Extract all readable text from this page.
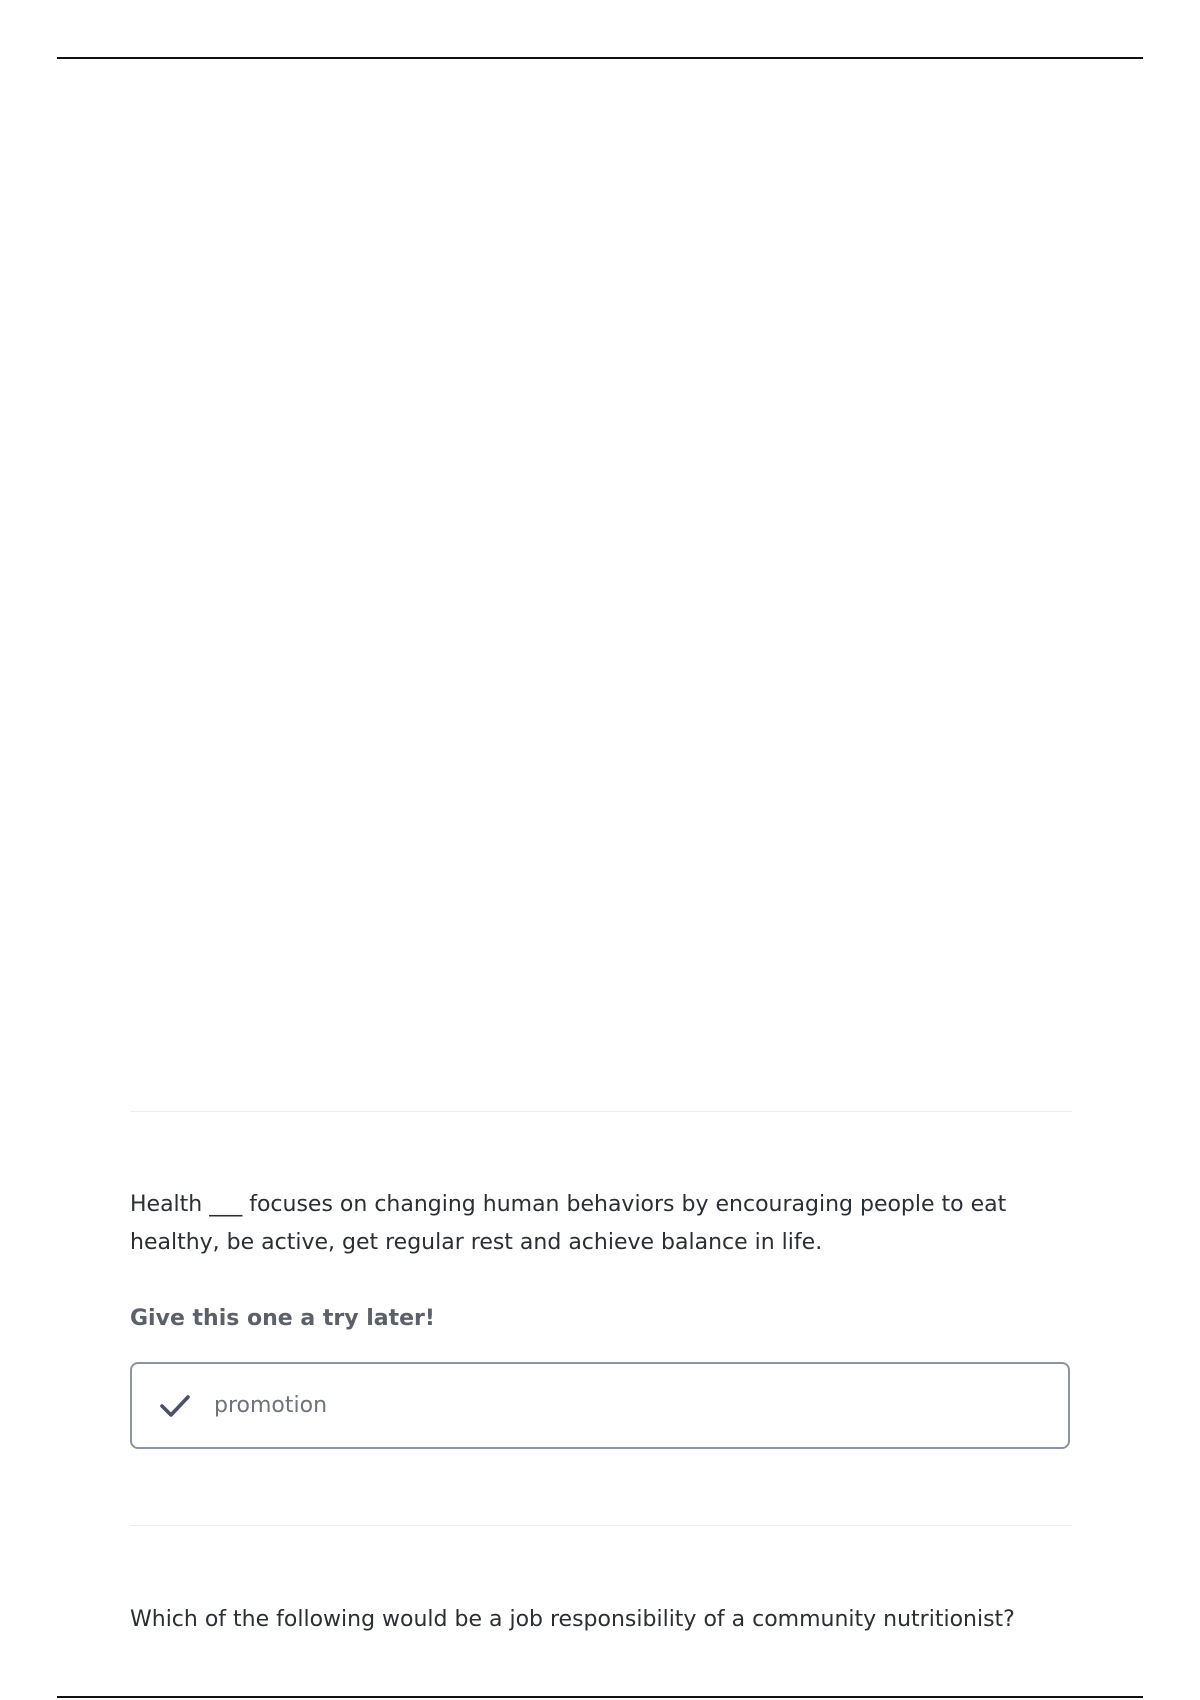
Health ___ focuses on changing human behaviors by encouraging people to eat healthy, be active, get regular rest and achieve balance in life.

Give this one a try later!

promotion

Which of the following would be a job responsibility of a community nutritionist?
